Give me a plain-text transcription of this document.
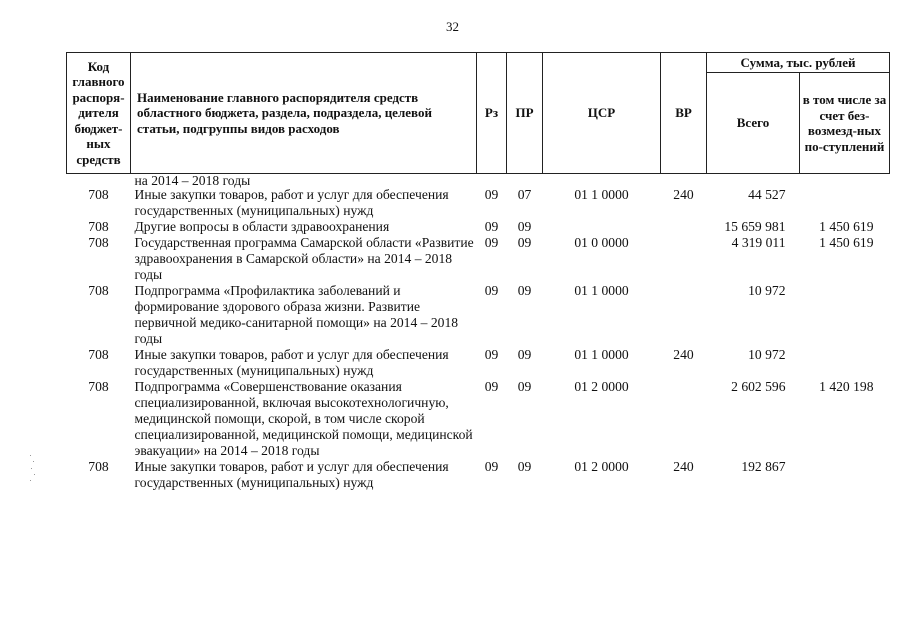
32
Код главного распоря-дителя бюджет-ных средств	Наименование главного распорядителя средств областного бюджета, раздела, подраздела, целевой статьи, подгруппы видов расходов	Рз	ПР	ЦСР	ВР	Сумма, тыс. рублей	
						Всего	в том числе за счет без-возмезд-ных по-ступлений
	на 2014 – 2018 годы						
708	Иные закупки товаров, работ и услуг для обеспечения государственных (муниципальных) нужд	09	07	01 1 0000	240	44 527	
708	Другие вопросы в области здравоохранения	09	09			15 659 981	1 450 619
708	Государственная программа Самарской области «Развитие здравоохранения в Самарской области» на 2014 – 2018 годы	09	09	01 0 0000		4 319 011	1 450 619
708	Подпрограмма «Профилактика заболеваний и формирование здорового образа жизни. Развитие первичной медико-санитарной помощи» на 2014 – 2018 годы	09	09	01 1 0000		10 972	
708	Иные закупки товаров, работ и услуг для обеспечения государственных (муниципальных) нужд	09	09	01 1 0000	240	10 972	
708	Подпрограмма «Совершенствование оказания специализированной, включая высокотехнологичную, медицинской помощи, скорой, в том числе скорой специализированной, медицинской помощи, медицинской эвакуации» на 2014 – 2018 годы	09	09	01 2 0000		2 602 596	1 420 198
708	Иные закупки товаров, работ и услуг для обеспечения государственных (муниципальных) нужд	09	09	01 2 0000	240	192 867	
